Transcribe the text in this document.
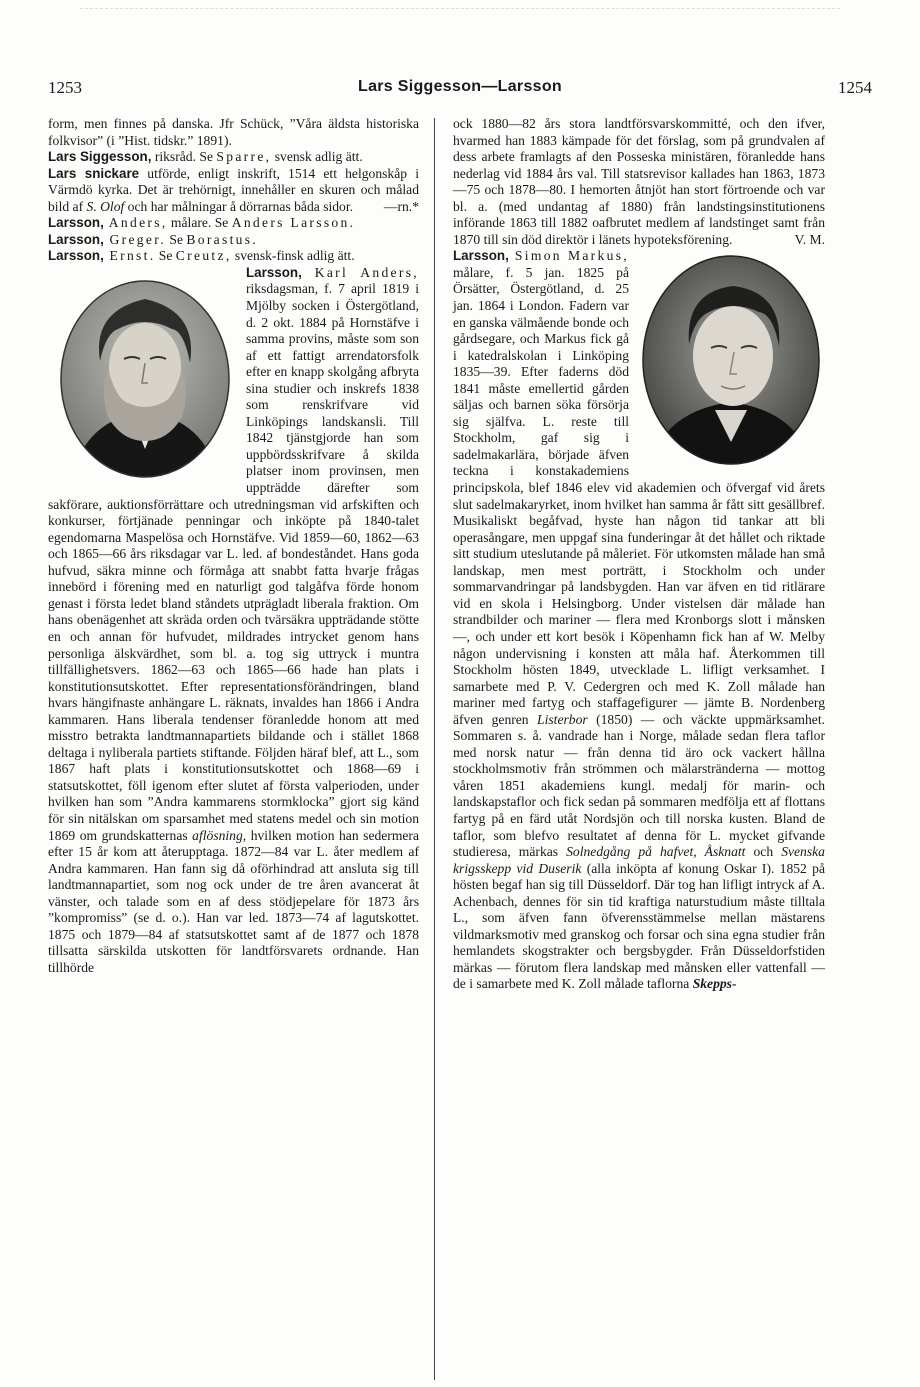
1253	Lars Siggesson—Larsson	1254

form, men finnes på danska. Jfr Schück, ”Våra äldsta historiska folkvisor” (i ”Hist. tidskr.” 1891).

Lars Siggesson, riksråd. Se Sparre, svensk adlig ätt.

Lars snickare utförde, enligt inskrift, 1514 ett helgonskåp i Värmdö kyrka. Det är trehörnigt, innehåller en skuren och målad bild af S. Olof och har målningar å dörrarnas båda sidor. —rn.*

Larsson, Anders, målare. Se Anders Larsson.

Larsson, Greger. Se Borastus.

Larsson, Ernst. Se Creutz, svensk-finsk adlig ätt.

Larsson, Karl Anders,
riksdagsman, f. 7 april 1819 i Mjölby socken i Östergötland, d. 2 okt. 1884 på Hornstäfve i samma provins, måste som son af ett fattigt arrendatorsfolk efter en knapp skolgång afbryta sina studier och inskrefs 1838 som renskrifvare vid Linköpings landskansli. Till 1842 tjänstgjorde han som uppbördsskrifvare å skilda platser inom provinsen, men uppträdde därefter som sakförare, auktionsförrättare och utredningsman vid arfskiften och konkurser, förtjänade penningar och inköpte på 1840-talet egendomarna Maspelösa och Hornstäfve. Vid 1859—60, 1862—63 och 1865—66 års riksdagar var L. led. af bondeståndet. Hans goda hufvud, säkra minne och förmåga att snabbt fatta hvarje frågas innebörd i förening med en naturligt god talgåfva förde honom genast i första ledet bland ståndets utprägladt liberala fraktion. Om hans obenägenhet att skräda orden och tvärsäkra uppträdande stötte en och annan för hufvudet, mildrades intrycket genom hans personliga älskvärdhet, som bl. a. tog sig uttryck i muntra tillfällighetsvers. 1862—63 och 1865—66 hade han plats i konstitutionsutskottet. Efter representationsförändringen, bland hvars hängifnaste anhängare L. räknats, invaldes han 1866 i Andra kammaren. Hans liberala tendenser föranledde honom att med misstro betrakta landtmannapartiets bildande och i stället 1868 deltaga i nyliberala partiets stiftande. Följden häraf blef, att L., som 1867 haft plats i konstitutionsutskottet och 1868—69 i statsutskottet, föll igenom efter slutet af första valperioden, under hvilken han som ”Andra kammarens stormklocka” gjort sig känd för sin nitälskan om sparsamhet med statens medel och sin motion 1869 om grundskatternas aflösning, hvilken motion han sedermera efter 15 år kom att återupptaga. 1872—84 var L. åter medlem af Andra kammaren. Han fann sig då oförhindrad att ansluta sig till landtmannapartiet, som nog ock under de tre åren avancerat åt vänster, och talade som en af dess stödjepelare för 1873 års ”kompromiss” (se d. o.). Han var led. 1873—74 af lagutskottet. 1875 och 1879—84 af statsutskottet samt af de 1877 och 1878 tillsatta särskilda utskotten för landtförsvarets ordnande. Han tillhörde

ock 1880—82 års stora landtförsvarskommitté, och den ifver, hvarmed han 1883 kämpade för det förslag, som på grundvalen af dess arbete framlagts af den Posseska ministären, föranledde hans nederlag vid 1884 års val. Till statsrevisor kallades han 1863, 1873—75 och 1878—80. I hemorten åtnjöt han stort förtroende och var bl. a. (med undantag af 1880) från landstingsinstitutionens införande 1863 till 1882 oafbrutet medlem af landstinget samt från 1870 till sin död direktör i länets hypoteksförening.	V. M.

Larsson, Simon Markus,
målare, f. 5 jan. 1825 på Örsätter, Östergötland, d. 25 jan. 1864 i London. Fadern var en ganska välmående bonde och gårdsegare, och Markus fick gå i katedralskolan i Linköping 1835—39. Efter faderns död 1841 måste emellertid gården säljas och barnen söka försörja sig själfva. L. reste till Stockholm, gaf sig i sadelmakarlära, började äfven teckna i konstakademiens principskola, blef 1846 elev vid akademien och öfvergaf vid årets slut sadelmakaryrket, inom hvilket han samma år fått sitt gesällbref. Musikaliskt begåfvad, hyste han någon tid tankar att bli operasångare, men uppgaf sina funderingar åt det hållet och riktade sitt studium uteslutande på måleriet. För utkomsten målade han små landskap, men mest porträtt, i Stockholm och under sommarvandringar på landsbygden. Han var äfven en tid ritlärare vid en skola i Helsingborg. Under vistelsen där målade han strandbilder och mariner — flera med Kronborgs slott i månsken —, och under ett kort besök i Köpenhamn fick han af W. Melby någon undervisning i konsten att måla haf. Återkommen till Stockholm hösten 1849, utvecklade L. lifligt verksamhet. I samarbete med P. V. Cedergren och med K. Zoll målade han mariner med fartyg och staffagefigurer — jämte B. Nordenberg äfven genren Listerbor (1850) — och väckte uppmärksamhet. Sommaren s. å. vandrade han i Norge, målade sedan flera taflor med norsk natur — från denna tid äro ock vackert hållna stockholmsmotiv från strömmen och mälarstränderna — mottog våren 1851 akademiens kungl. medalj för marin- och landskapstaflor och fick sedan på sommaren medfölja ett af flottans fartyg på en färd utåt Nordsjön och till norska kusten. Bland de taflor, som blefvo resultatet af denna för L. mycket gifvande studieresa, märkas Solnedgång på hafvet, Åsknatt och Svenska krigsskepp vid Duserik (alla inköpta af konung Oskar I). 1852 på hösten begaf han sig till Düsseldorf. Där tog han lifligt intryck af A. Achenbach, dennes för sin tid kraftiga naturstudium måste tilltala L., som äfven fann öfverensstämmelse mellan mästarens vildmarksmotiv med granskog och forsar och sina egna studier från hemlandets skogstrakter och bergsbygder. Från Düsseldorfstiden märkas — förutom flera landskap med månsken eller vattenfall — de i samarbete med K. Zoll målade taflorna Skepps-
